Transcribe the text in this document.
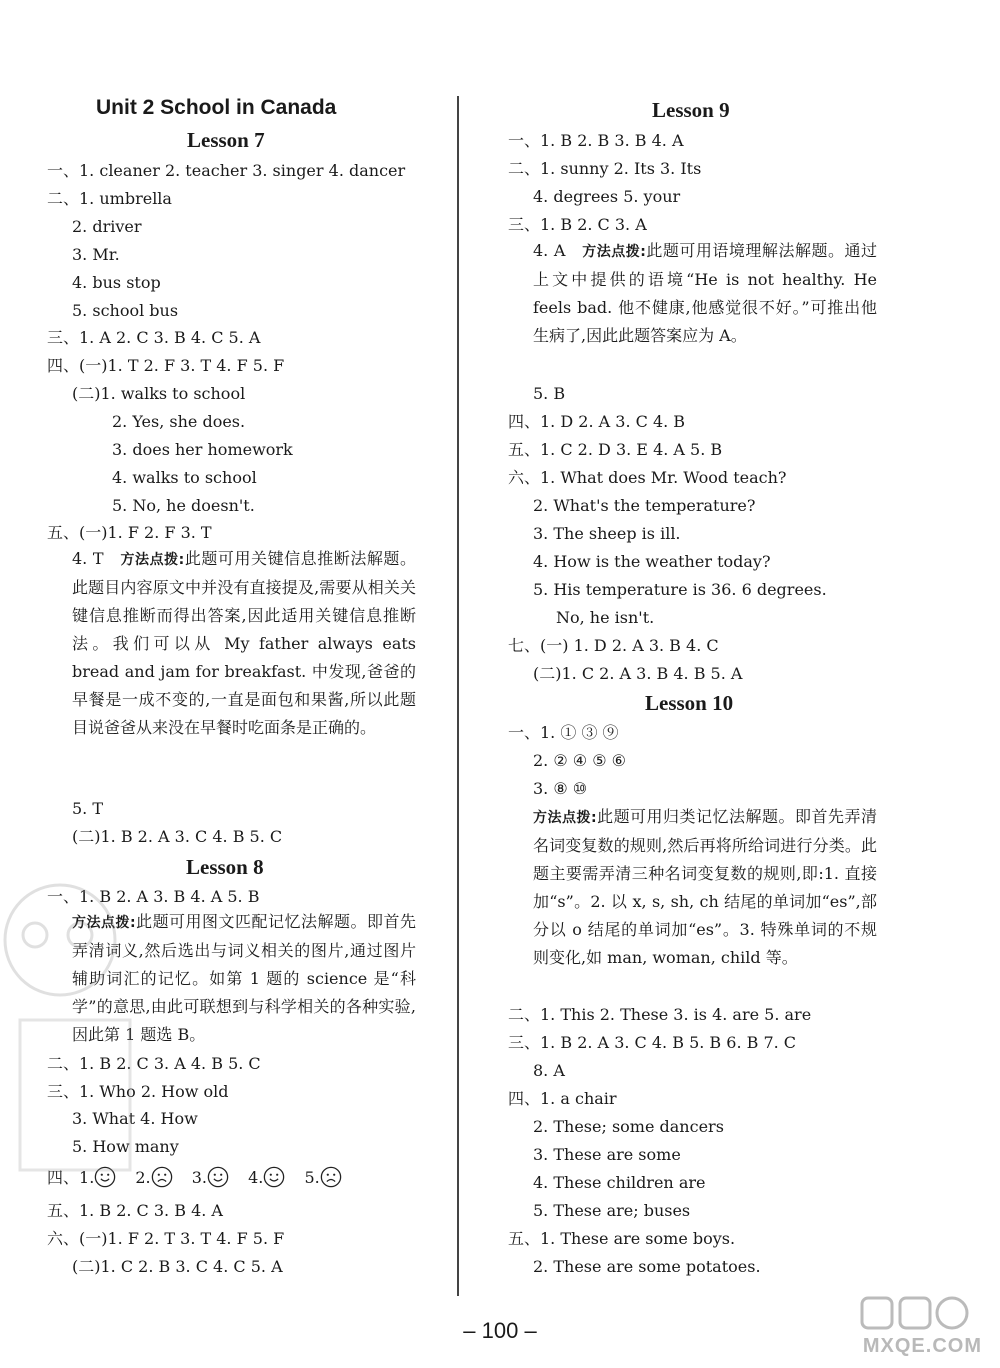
Unit 2 School in Canada
Lesson 7
一、1. cleaner 2. teacher 3. singer 4. dancer
二、1. umbrella
2. driver
3. Mr.
4. bus stop
5. school bus
三、1. A 2. C 3. B 4. C 5. A
四、(一)1. T 2. F 3. T 4. F 5. F
(二)1. walks to school
2. Yes, she does.
3. does her homework
4. walks to school
5. No, he doesn't.
五、(一)1. F 2. F 3. T
4. T 方法点拨:此题可用关键信息推断法解题。此题目内容原文中并没有直接提及,需要从相关关键信息推断而得出答案,因此适用关键信息推断法。我们可以从 My father always eats bread and jam for breakfast. 中发现,爸爸的早餐是一成不变的,一直是面包和果酱,所以此题目说爸爸从来没在早餐时吃面条是正确的。
5. T
(二)1. B 2. A 3. C 4. B 5. C
Lesson 8
一、1. B 2. A 3. B 4. A 5. B
方法点拨:此题可用图文匹配记忆法解题。即首先弄清词义,然后选出与词义相关的图片,通过图片辅助词汇的记忆。如第 1 题的 science 是“科学”的意思,由此可联想到与科学相关的各种实验,因此第 1 题选 B。
二、1. B 2. C 3. A 4. B 5. C
三、1. Who 2. How old
3. What 4. How
5. How many
四、1. 2. 3. 4. 5.
五、1. B 2. C 3. B 4. A
六、(一)1. F 2. T 3. T 4. F 5. F
(二)1. C 2. B 3. C 4. C 5. A
Lesson 9
一、1. B 2. B 3. B 4. A
二、1. sunny 2. Its 3. Its
4. degrees 5. your
三、1. B 2. C 3. A
4. A 方法点拨:此题可用语境理解法解题。通过上文中提供的语境“He is not healthy. He feels bad. 他不健康,他感觉很不好。”可推出他生病了,因此此题答案应为 A。
5. B
四、1. D 2. A 3. C 4. B
五、1. C 2. D 3. E 4. A 5. B
六、1. What does Mr. Wood teach?
2. What's the temperature?
3. The sheep is ill.
4. How is the weather today?
5. His temperature is 36. 6 degrees.
No, he isn't.
七、(一) 1. D 2. A 3. B 4. C
(二)1. C 2. A 3. B 4. B 5. A
Lesson 10
一、1. ① ③ ⑨
2. ② ④ ⑤ ⑥
3. ⑧ ⑩
方法点拨:此题可用归类记忆法解题。即首先弄清名词变复数的规则,然后再将所给词进行分类。此题主要需弄清三种名词变复数的规则,即:1. 直接加“s”。2. 以 x, s, sh, ch 结尾的单词加“es”,部分以 o 结尾的单词加“es”。3. 特殊单词的不规则变化,如 man, woman, child 等。
二、1. This 2. These 3. is 4. are 5. are
三、1. B 2. A 3. C 4. B 5. B 6. B 7. C
8. A
四、1. a chair
2. These; some dancers
3. These are some
4. These children are
5. These are; buses
五、1. These are some boys.
2. These are some potatoes.
– 100 –
MXQE.COM
